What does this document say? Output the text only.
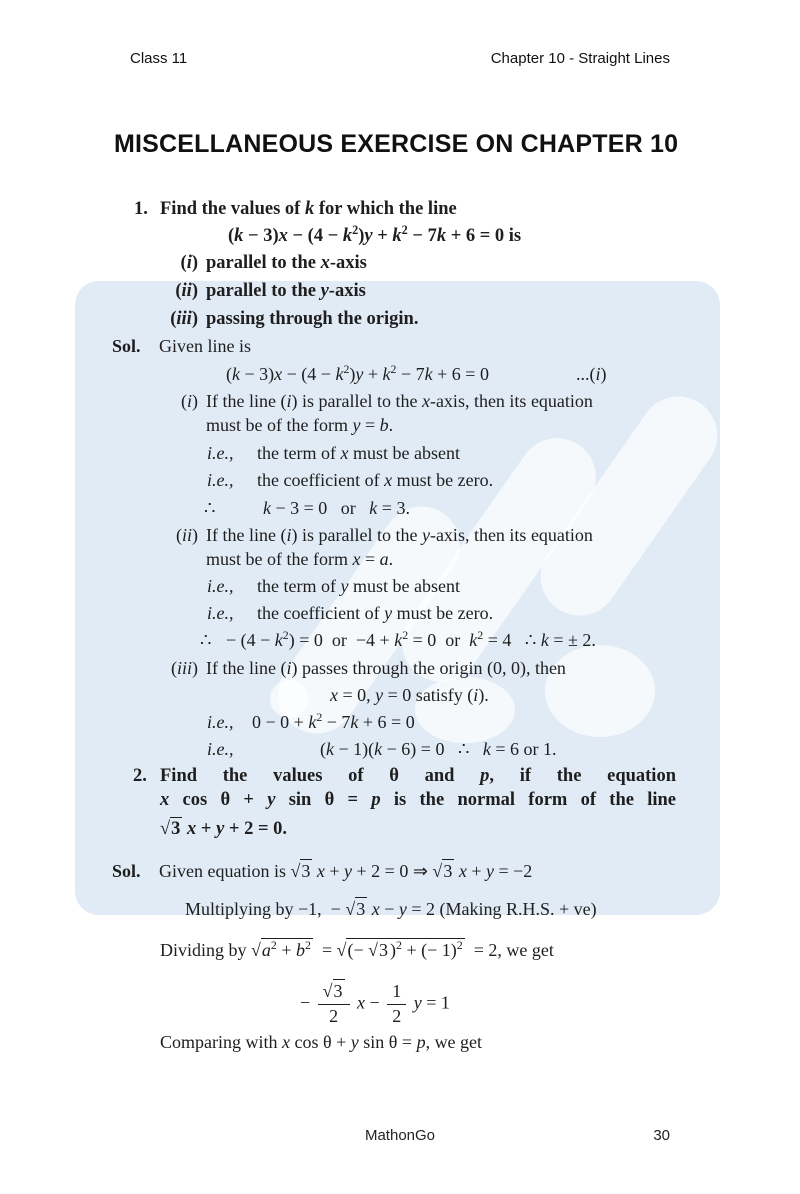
Class 11	Chapter 10 - Straight Lines
MISCELLANEOUS EXERCISE ON CHAPTER 10
1. Find the values of k for which the line
$(k - 3)x - (4 - k^2)y + k^2 - 7k + 6 = 0$ is
(i) parallel to the x-axis
(ii) parallel to the y-axis
(iii) passing through the origin.
Sol. Given line is
$(k - 3)x - (4 - k^2)y + k^2 - 7k + 6 = 0$	...(i)
(i) If the line (i) is parallel to the x-axis, then its equation
must be of the form y = b.
i.e., the term of x must be absent
i.e., the coefficient of x must be zero.
∴	k − 3 = 0   or   k = 3.
(ii) If the line (i) is parallel to the y-axis, then its equation
must be of the form x = a.
i.e., the term of y must be absent
i.e., the coefficient of y must be zero.
∴ − $(4 - k^2) = 0$  or  $-4 + k^2 = 0$  or  $k^2 = 4$   ∴ k = ± 2.
(iii) If the line (i) passes through the origin (0, 0), then
x = 0, y = 0 satisfy (i).
i.e., $0 - 0 + k^2 - 7k + 6 = 0$
i.e.,	(k − 1)(k − 6) = 0   ∴   k = 6 or 1.
2. Find the values of θ and p, if the equation
x cos θ + y sin θ = p is the normal form of the line
√3 x + y + 2 = 0.
Sol. Given equation is √3 x + y + 2 = 0 ⇒ √3 x + y = −2
Multiplying by −1,  − √3 x − y = 2 (Making R.H.S. + ve)
Dividing by $√a^2 + b^2$  = √(− √3 )$^2$ + (− 1)$^2$  = 2, we get
− $\frac{√3}{2}$ $x - \frac{1}{2}$ y = 1
Comparing with x cos θ + y sin θ = p, we get
MathonGo	30
